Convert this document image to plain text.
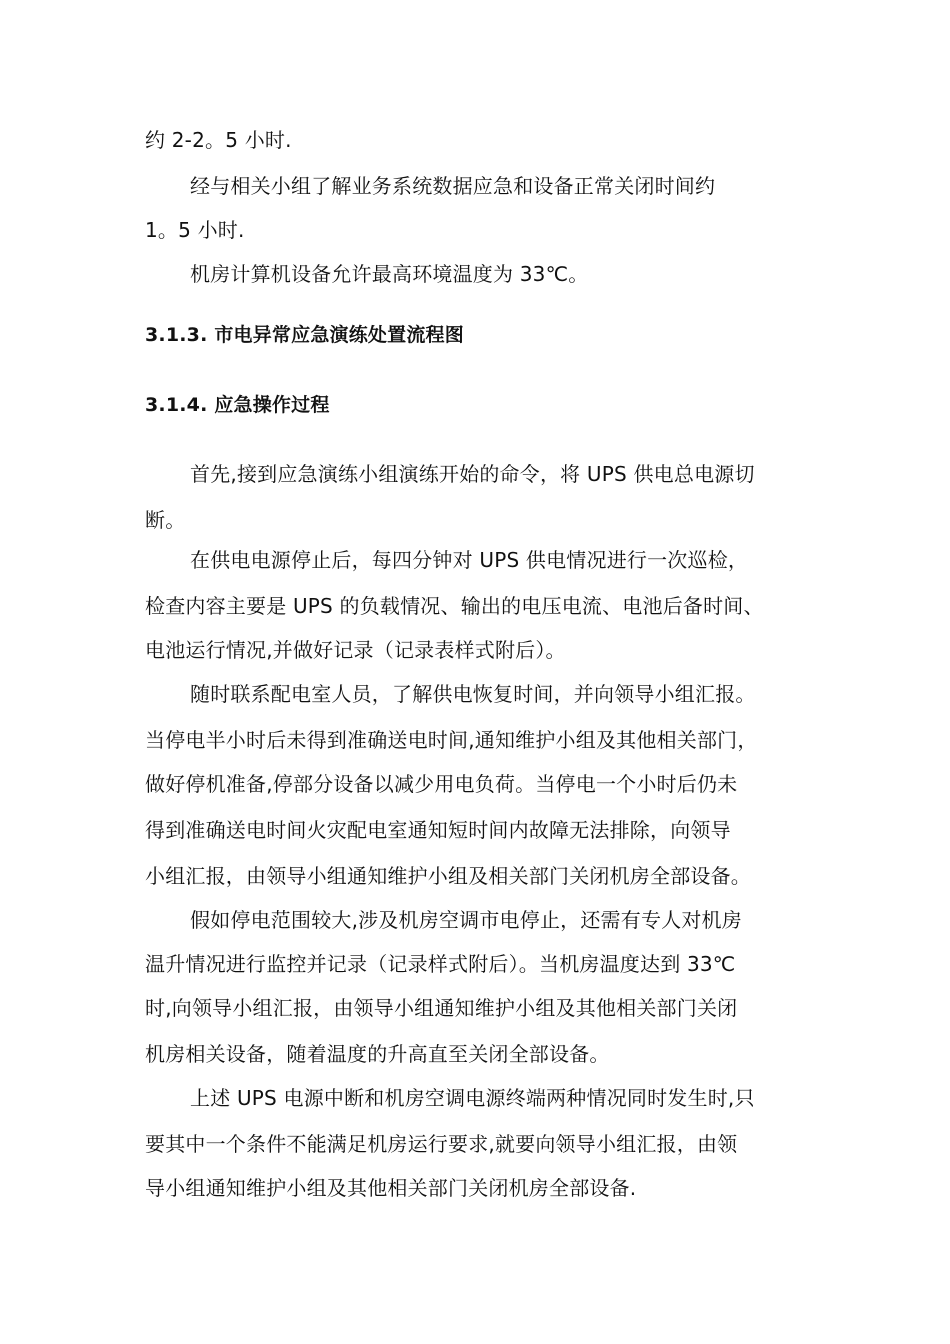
约 2-2。5 小时.
经与相关小组了解业务系统数据应急和设备正常关闭时间约
1。5 小时.
机房计算机设备允许最高环境温度为 33℃。
3.1.3. 市电异常应急演练处置流程图
3.1.4. 应急操作过程
首先,接到应急演练小组演练开始的命令，将 UPS 供电总电源切
断。
在供电电源停止后，每四分钟对 UPS 供电情况进行一次巡检，
检查内容主要是 UPS 的负载情况、输出的电压电流、电池后备时间、
电池运行情况,并做好记录（记录表样式附后）。
随时联系配电室人员，了解供电恢复时间，并向领导小组汇报。
当停电半小时后未得到准确送电时间,通知维护小组及其他相关部门，
做好停机准备,停部分设备以减少用电负荷。当停电一个小时后仍未
得到准确送电时间火灾配电室通知短时间内故障无法排除，向领导
小组汇报，由领导小组通知维护小组及相关部门关闭机房全部设备。
假如停电范围较大,涉及机房空调市电停止，还需有专人对机房
温升情况进行监控并记录（记录样式附后）。当机房温度达到 33℃
时,向领导小组汇报，由领导小组通知维护小组及其他相关部门关闭
机房相关设备，随着温度的升高直至关闭全部设备。
上述 UPS 电源中断和机房空调电源终端两种情况同时发生时,只
要其中一个条件不能满足机房运行要求,就要向领导小组汇报，由领
导小组通知维护小组及其他相关部门关闭机房全部设备.
